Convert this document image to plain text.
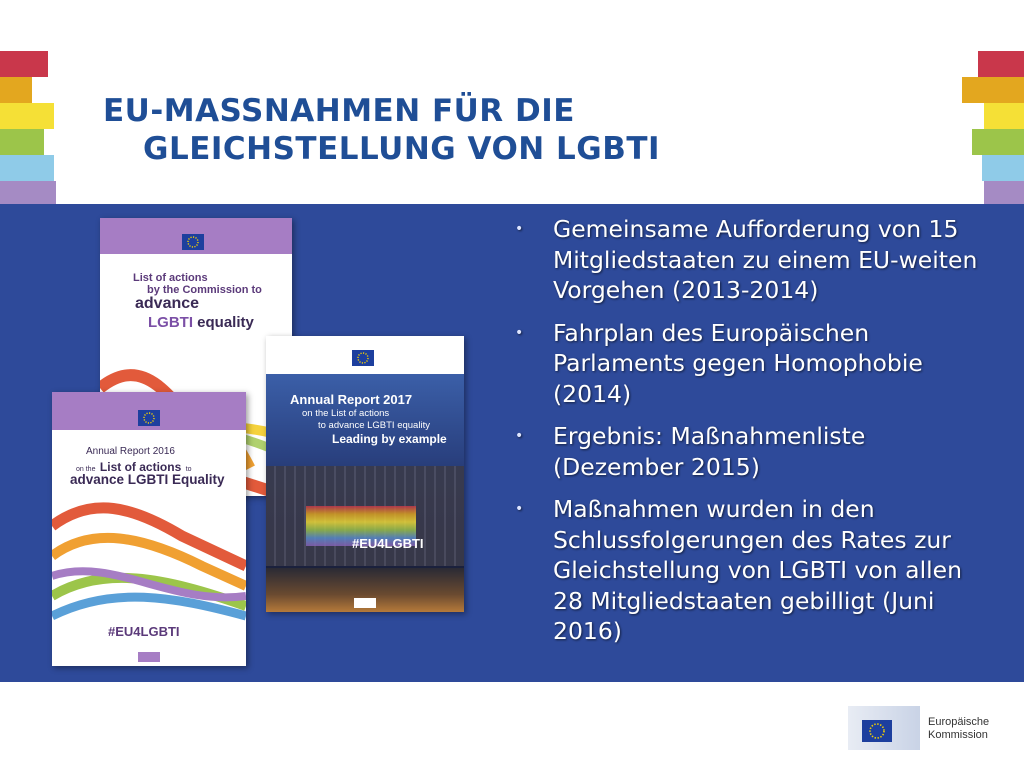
EU-MASSNAHMEN FÜR DIE
GLEICHSTELLUNG VON LGBTI
List of actions
by the Commission to
advance
LGBTI equality
Annual Report 2017
on the List of actions
to advance LGBTI equality
Leading by example
#EU4LGBTI
Annual Report 2016
on the List of actions to
advance LGBTI Equality
#EU4LGBTI
• Gemeinsame Aufforderung von 15 Mitgliedstaaten zu einem EU-weiten Vorgehen (2013-2014)
• Fahrplan des Europäischen Parlaments gegen Homophobie (2014)
• Ergebnis: Maßnahmenliste (Dezember 2015)
• Maßnahmen wurden in den Schlussfolgerungen des Rates zur Gleichstellung von LGBTI von allen 28 Mitgliedstaaten gebilligt (Juni 2016)
Europäische
Kommission
